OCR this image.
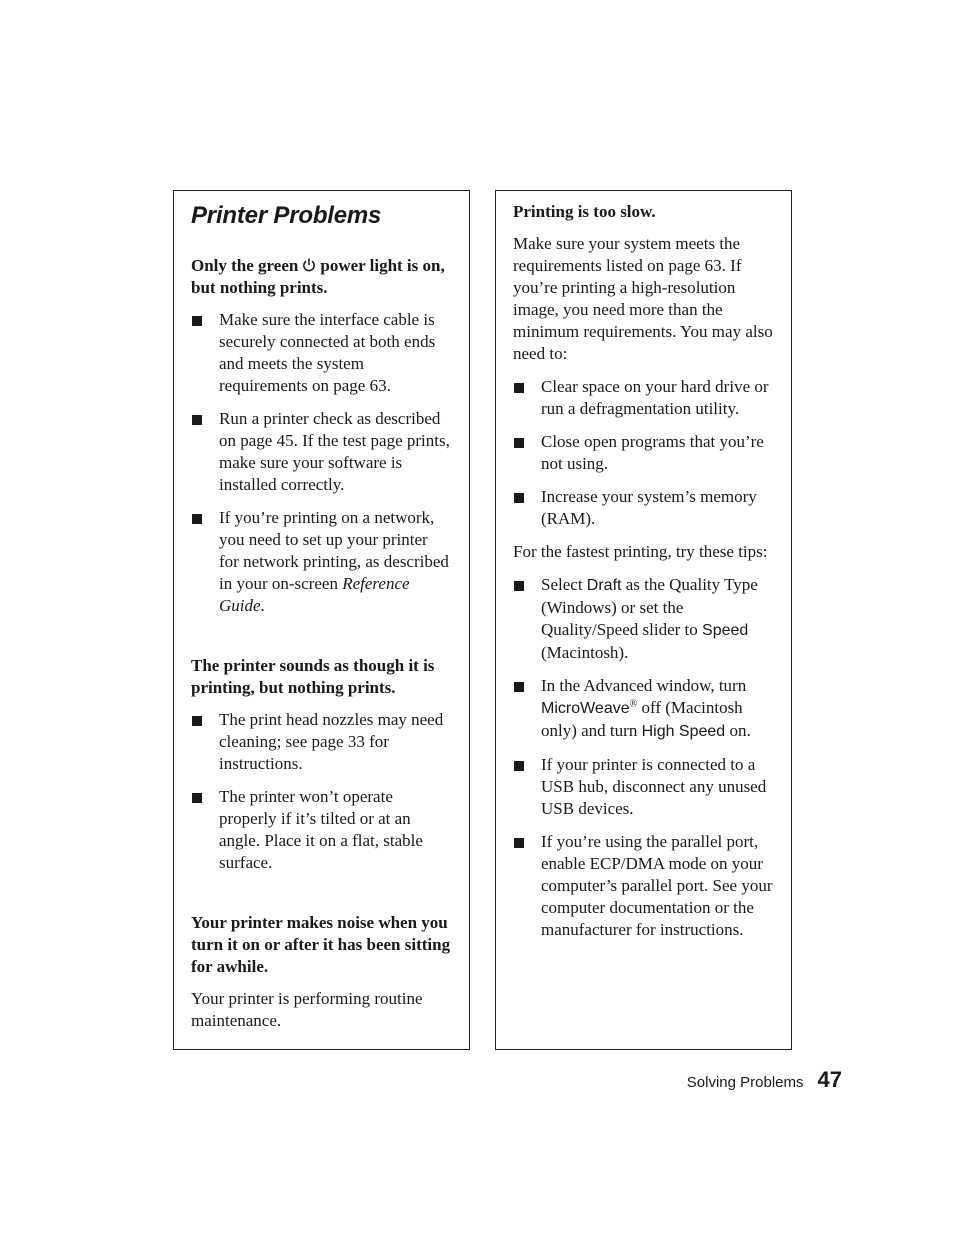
Printer Problems
Only the green power light is on, but nothing prints.
Make sure the interface cable is securely connected at both ends and meets the system requirements on page 63.
Run a printer check as described on page 45. If the test page prints, make sure your software is installed correctly.
If you’re printing on a network, you need to set up your printer for network printing, as described in your on-screen Reference Guide.
The printer sounds as though it is printing, but nothing prints.
The print head nozzles may need cleaning; see page 33 for instructions.
The printer won’t operate properly if it’s tilted or at an angle. Place it on a flat, stable surface.
Your printer makes noise when you turn it on or after it has been sitting for awhile.

Your printer is performing routine maintenance.

Printing is too slow.

Make sure your system meets the requirements listed on page 63. If you’re printing a high-resolution image, you need more than the minimum requirements. You may also need to:

Clear space on your hard drive or run a defragmentation utility.
Close open programs that you’re not using.
Increase your system’s memory (RAM).

For the fastest printing, try these tips:

Select Draft as the Quality Type (Windows) or set the Quality/Speed slider to Speed (Macintosh).
In the Advanced window, turn MicroWeave® off (Macintosh only) and turn High Speed on.
If your printer is connected to a USB hub, disconnect any unused USB devices.
If you’re using the parallel port, enable ECP/DMA mode on your computer’s parallel port. See your computer documentation or the manufacturer for instructions.
Solving Problems 47
